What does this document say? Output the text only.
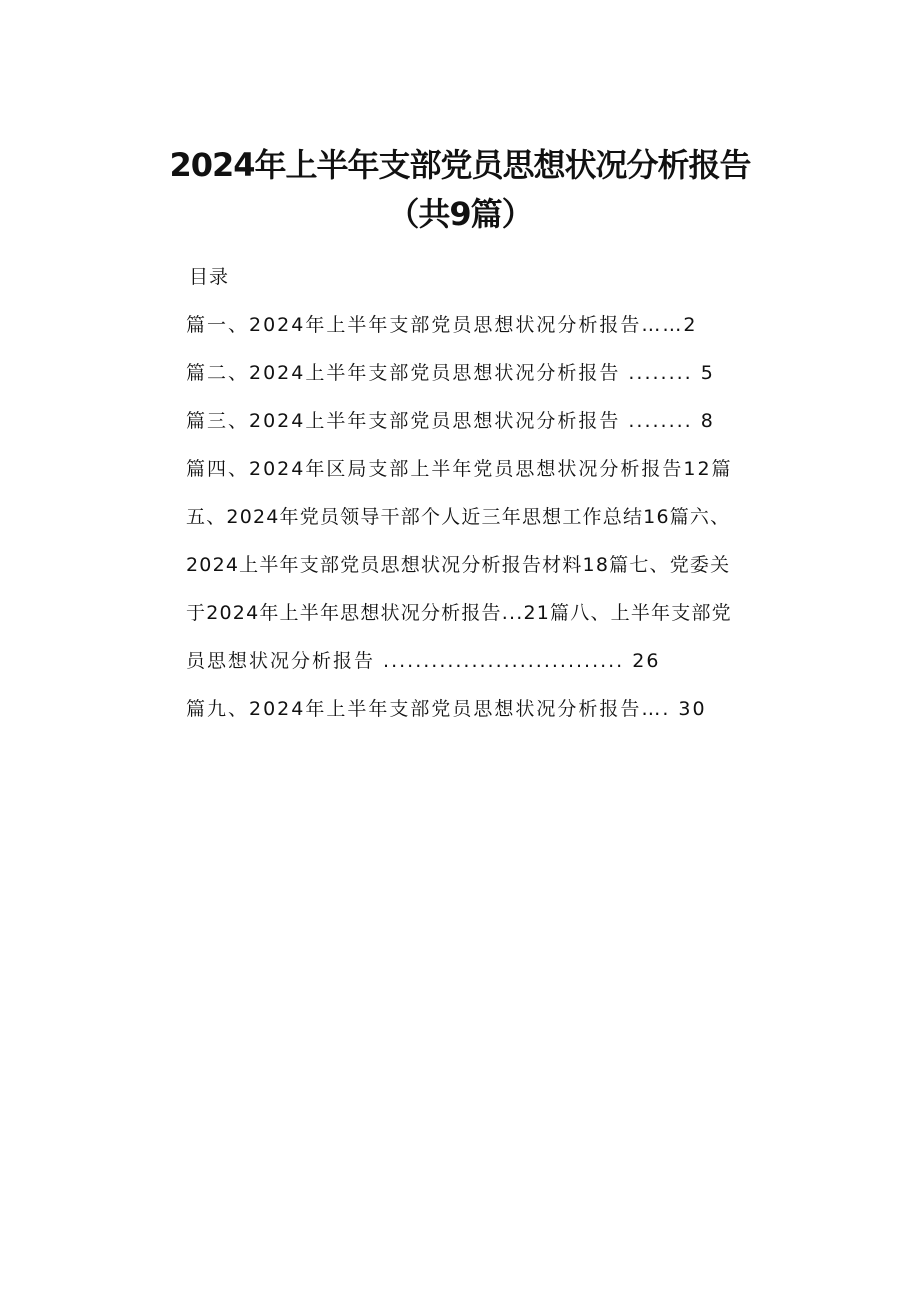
2024年上半年支部党员思想状况分析报告
（共9篇）
目录
篇一、2024年上半年支部党员思想状况分析报告……2
篇二、2024上半年支部党员思想状况分析报告 ........ 5
篇三、2024上半年支部党员思想状况分析报告 ........ 8
篇四、2024年区局支部上半年党员思想状况分析报告12篇
五、2024年党员领导干部个人近三年思想工作总结16篇六、
2024上半年支部党员思想状况分析报告材料18篇七、党委关
于2024年上半年思想状况分析报告...21篇八、上半年支部党
员思想状况分析报告 .............................. 26
篇九、2024年上半年支部党员思想状况分析报告…. 30
